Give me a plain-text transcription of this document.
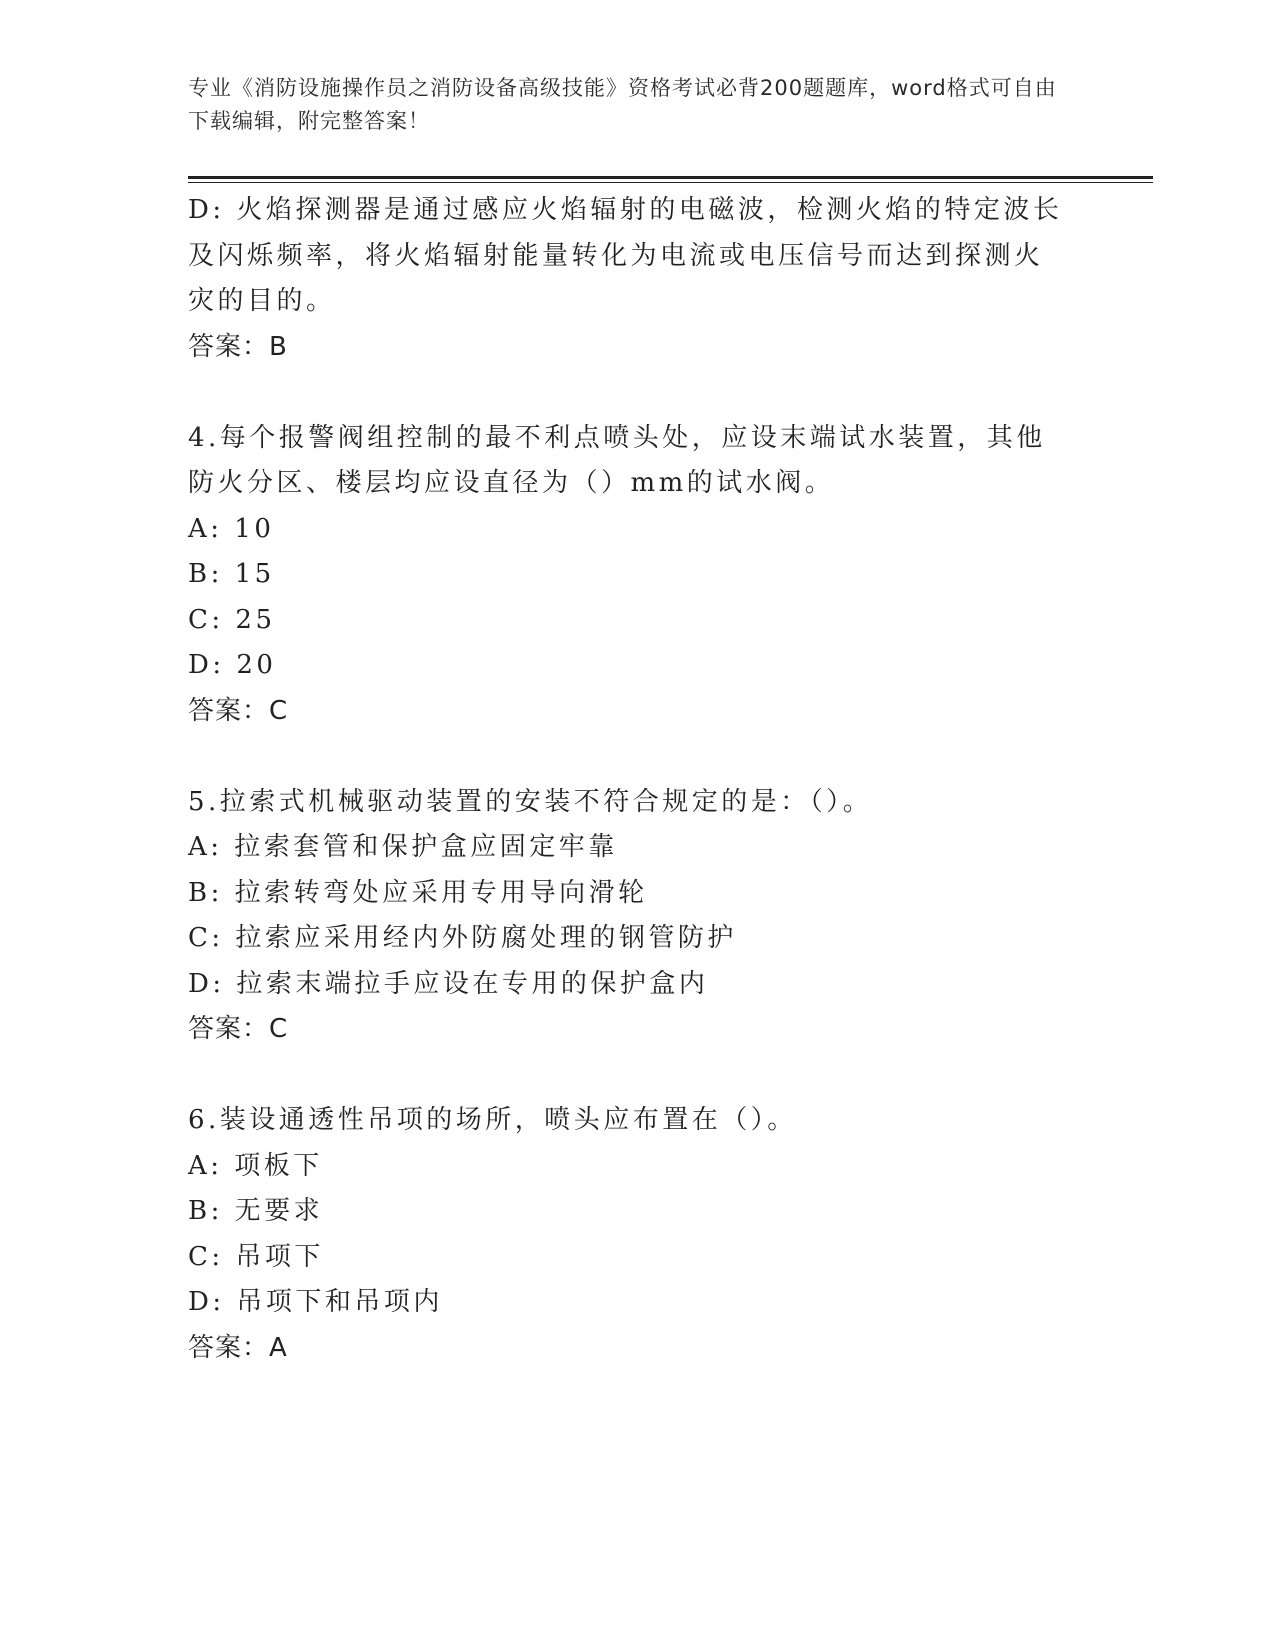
专业《消防设施操作员之消防设备高级技能》资格考试必背200题题库，word格式可自由下载编辑，附完整答案！

D: 火焰探测器是通过感应火焰辐射的电磁波，检测火焰的特定波长及闪烁频率，将火焰辐射能量转化为电流或电压信号而达到探测火灾的目的。

答案：B

4.每个报警阀组控制的最不利点喷头处，应设末端试水装置，其他防火分区、楼层均应设直径为（）mm的试水阀。

A: 10

B: 15

C: 25

D: 20

答案：C

5.拉索式机械驱动装置的安装不符合规定的是：（）。

A: 拉索套管和保护盒应固定牢靠

B: 拉索转弯处应采用专用导向滑轮

C: 拉索应采用经内外防腐处理的钢管防护

D: 拉索末端拉手应设在专用的保护盒内

答案：C

6.装设通透性吊项的场所，喷头应布置在（）。

A: 项板下

B: 无要求

C: 吊项下

D: 吊项下和吊项内

答案：A
